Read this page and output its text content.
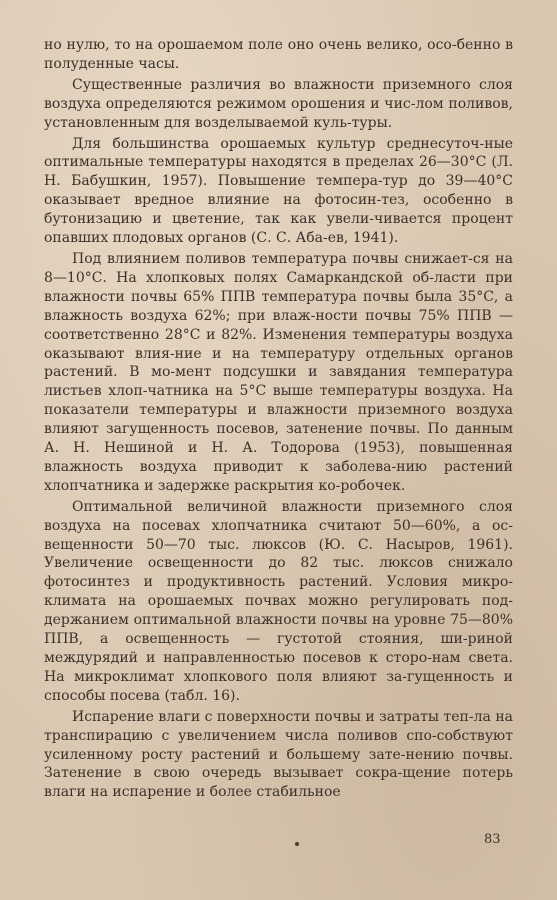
но нулю, то на орошаемом поле оно очень велико, осо-бенно в полуденные часы.

Существенные различия во влажности приземного слоя воздуха определяются режимом орошения и чис-лом поливов, установленным для возделываемой куль-туры.

Для большинства орошаемых культур среднесуточ-ные оптимальные температуры находятся в пределах 26—30°С (Л. Н. Бабушкин, 1957). Повышение темпера-тур до 39—40°С оказывает вредное влияние на фотосин-тез, особенно в бутонизацию и цветение, так как увели-чивается процент опавших плодовых органов (С. С. Аба-ев, 1941).

Под влиянием поливов температура почвы снижает-ся на 8—10°С. На хлопковых полях Самаркандской об-ласти при влажности почвы 65% ППВ температура почвы была 35°С, а влажность воздуха 62%; при влаж-ности почвы 75% ППВ — соответственно 28°С и 82%. Изменения температуры воздуха оказывают влия-ние и на температуру отдельных органов растений. В мо-мент подсушки и завядания температура листьев хлоп-чатника на 5°С выше температуры воздуха. На показатели температуры и влажности приземного воздуха влияют загущенность посевов, затенение почвы. По данным А. Н. Нешиной и Н. А. Тодорова (1953), повышенная влажность воздуха приводит к заболева-нию растений хлопчатника и задержке раскрытия ко-робочек.

Оптимальной величиной влажности приземного слоя воздуха на посевах хлопчатника считают 50—60%, а ос-вещенности 50—70 тыс. люксов (Ю. С. Насыров, 1961). Увеличение освещенности до 82 тыс. люксов снижало фотосинтез и продуктивность растений. Условия микро-климата на орошаемых почвах можно регулировать под-держанием оптимальной влажности почвы на уровне 75—80% ППВ, а освещенность — густотой стояния, ши-риной междурядий и направленностью посевов к сторо-нам света. На микроклимат хлопкового поля влияют за-гущенность и способы посева (табл. 16).

Испарение влаги с поверхности почвы и затраты теп-ла на транспирацию с увеличением числа поливов спо-собствуют усиленному росту растений и большему зате-нению почвы. Затенение в свою очередь вызывает сокра-щение потерь влаги на испарение и более стабильное

83
